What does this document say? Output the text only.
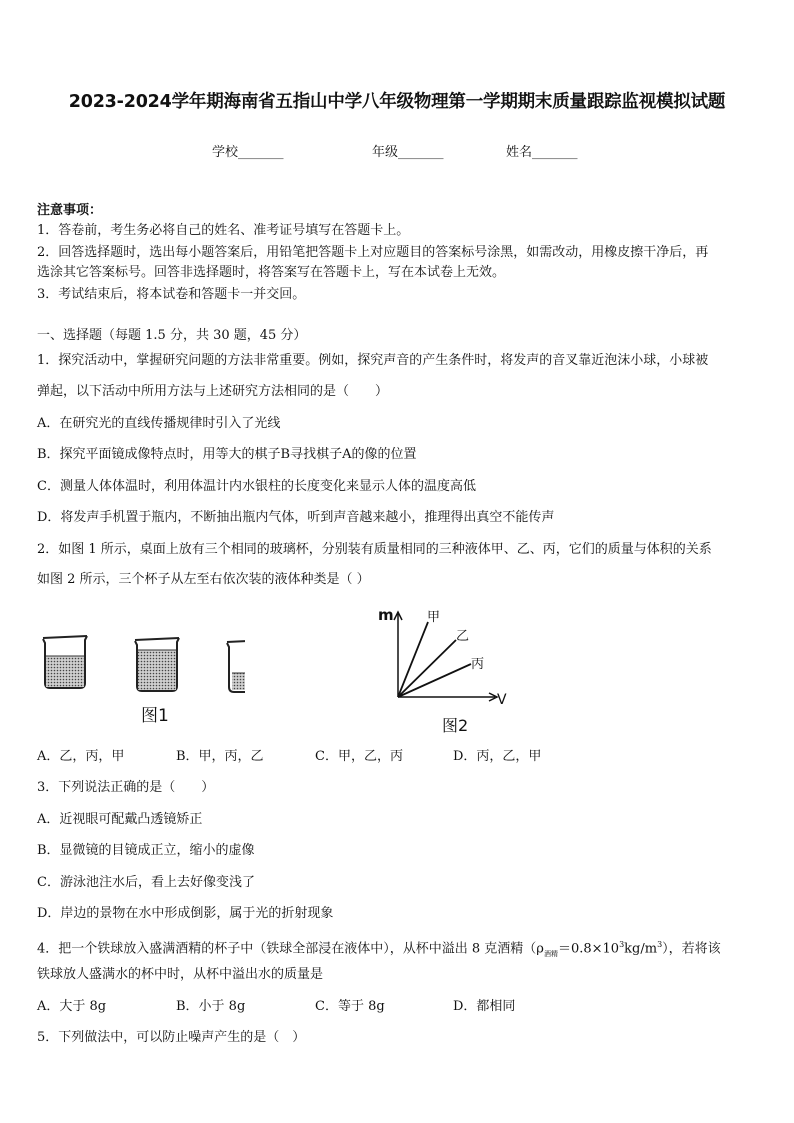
2023-2024学年期海南省五指山中学八年级物理第一学期期末质量跟踪监视模拟试题
学校_______	年级_______	姓名_______
注意事项：
1．答卷前，考生务必将自己的姓名、准考证号填写在答题卡上。
2．回答选择题时，选出每小题答案后，用铅笔把答题卡上对应题目的答案标号涂黑，如需改动，用橡皮擦干净后，再
选涂其它答案标号。回答非选择题时，将答案写在答题卡上，写在本试卷上无效。
3．考试结束后，将本试卷和答题卡一并交回。
一、选择题（每题 1.5 分，共 30 题，45 分）
1．探究活动中，掌握研究问题的方法非常重要。例如，探究声音的产生条件时，将发声的音叉靠近泡沫小球，小球被
弹起，以下活动中所用方法与上述研究方法相同的是（　　）
A．在研究光的直线传播规律时引入了光线
B．探究平面镜成像特点时，用等大的棋子B寻找棋子A的像的位置
C．测量人体体温时，利用体温计内水银柱的长度变化来显示人体的温度高低
D．将发声手机置于瓶内，不断抽出瓶内气体，听到声音越来越小，推理得出真空不能传声
2．如图 1 所示，桌面上放有三个相同的玻璃杯，分别装有质量相同的三种液体甲、乙、丙，它们的质量与体积的关系
如图 2 所示，三个杯子从左至右依次装的液体种类是（ ）
图1
m
V
甲
乙
丙
图2
A．乙，丙，甲	B．甲，丙，乙	C．甲，乙，丙	D．丙，乙，甲
3．下列说法正确的是（　　）
A．近视眼可配戴凸透镜矫正
B．显微镜的目镜成正立，缩小的虚像
C．游泳池注水后，看上去好像变浅了
D．岸边的景物在水中形成倒影，属于光的折射现象
4．把一个铁球放入盛满酒精的杯子中（铁球全部浸在液体中），从杯中溢出 8 克酒精$(\rho_{酒精}=0.8\times 10^3kg/m^3)$，若将该
铁球放人盛满水的杯中时，从杯中溢出水的质量是
A．大于 8g	B．小于 8g	C．等于 8g	D．都相同
5．下列做法中，可以防止噪声产生的是（　）
